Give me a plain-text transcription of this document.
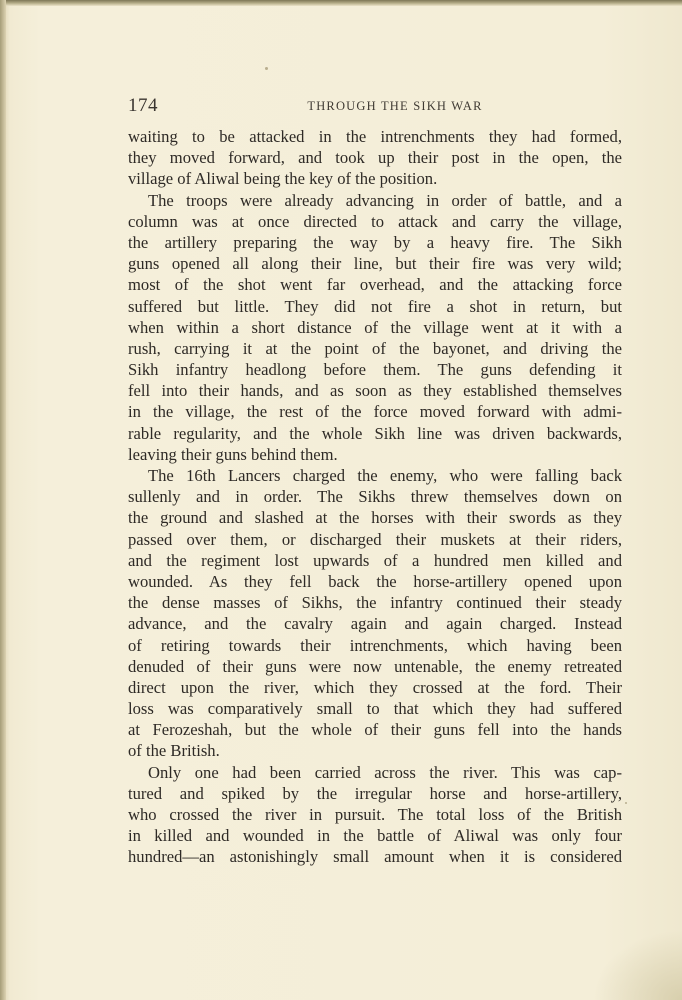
174	THROUGH THE SIKH WAR
waiting to be attacked in the intrenchments they had formed,
they moved forward, and took up their post in the open, the
village of Aliwal being the key of the position.
The troops were already advancing in order of battle, and a
column was at once directed to attack and carry the village,
the artillery preparing the way by a heavy fire. The Sikh
guns opened all along their line, but their fire was very wild;
most of the shot went far overhead, and the attacking force
suffered but little. They did not fire a shot in return, but
when within a short distance of the village went at it with a
rush, carrying it at the point of the bayonet, and driving the
Sikh infantry headlong before them. The guns defending it
fell into their hands, and as soon as they established themselves
in the village, the rest of the force moved forward with admi-
rable regularity, and the whole Sikh line was driven backwards,
leaving their guns behind them.
The 16th Lancers charged the enemy, who were falling back
sullenly and in order. The Sikhs threw themselves down on
the ground and slashed at the horses with their swords as they
passed over them, or discharged their muskets at their riders,
and the regiment lost upwards of a hundred men killed and
wounded. As they fell back the horse-artillery opened upon
the dense masses of Sikhs, the infantry continued their steady
advance, and the cavalry again and again charged. Instead
of retiring towards their intrenchments, which having been
denuded of their guns were now untenable, the enemy retreated
direct upon the river, which they crossed at the ford. Their
loss was comparatively small to that which they had suffered
at Ferozeshah, but the whole of their guns fell into the hands
of the British.
Only one had been carried across the river. This was cap-
tured and spiked by the irregular horse and horse-artillery,
who crossed the river in pursuit. The total loss of the British
in killed and wounded in the battle of Aliwal was only four
hundred—an astonishingly small amount when it is considered
